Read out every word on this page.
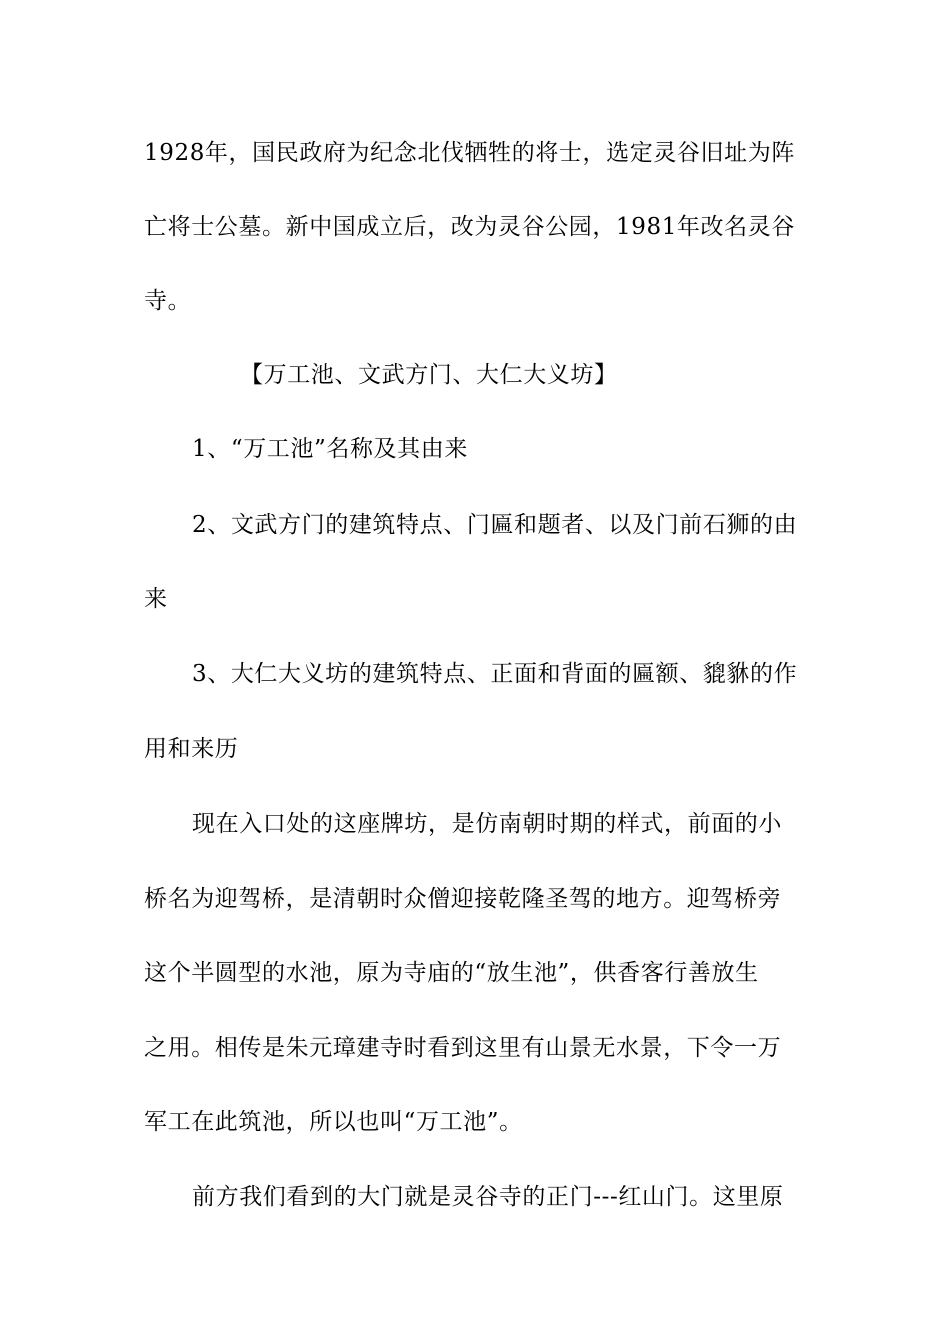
1928年，国民政府为纪念北伐牺牲的将士，选定灵谷旧址为阵
亡将士公墓。新中国成立后，改为灵谷公园，1981年改名灵谷
寺。
【万工池、文武方门、大仁大义坊】
1、“万工池”名称及其由来
2、文武方门的建筑特点、门匾和题者、以及门前石狮的由
来
3、大仁大义坊的建筑特点、正面和背面的匾额、貔貅的作
用和来历
现在入口处的这座牌坊，是仿南朝时期的样式，前面的小
桥名为迎驾桥，是清朝时众僧迎接乾隆圣驾的地方。迎驾桥旁
这个半圆型的水池，原为寺庙的“放生池”，供香客行善放生
之用。相传是朱元璋建寺时看到这里有山景无水景，下令一万
军工在此筑池，所以也叫“万工池”。
前方我们看到的大门就是灵谷寺的正门---红山门。这里原
